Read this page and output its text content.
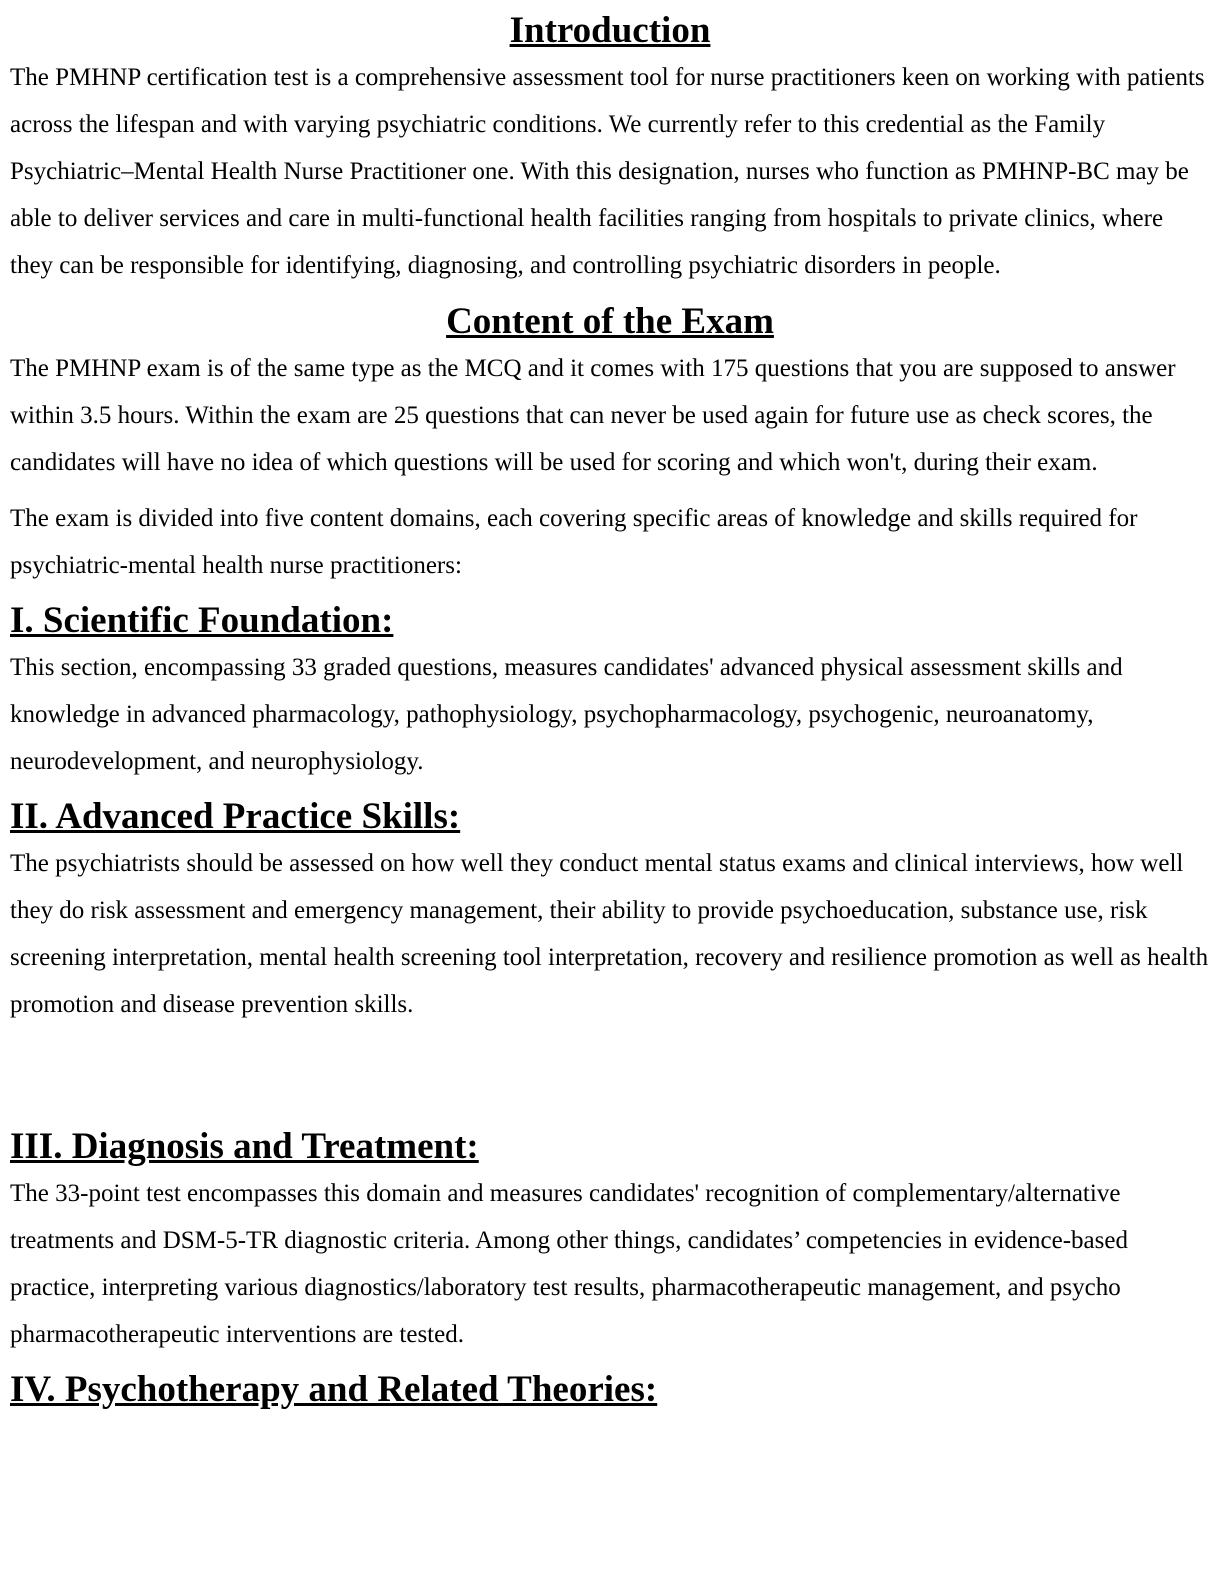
Introduction

The PMHNP certification test is a comprehensive assessment tool for nurse practitioners keen on working with patients across the lifespan and with varying psychiatric conditions. We currently refer to this credential as the Family Psychiatric–Mental Health Nurse Practitioner one. With this designation, nurses who function as PMHNP-BC may be able to deliver services and care in multi-functional health facilities ranging from hospitals to private clinics, where they can be responsible for identifying, diagnosing, and controlling psychiatric disorders in people.

Content of the Exam

The PMHNP exam is of the same type as the MCQ and it comes with 175 questions that you are supposed to answer within 3.5 hours. Within the exam are 25 questions that can never be used again for future use as check scores, the candidates will have no idea of which questions will be used for scoring and which won't, during their exam.

The exam is divided into five content domains, each covering specific areas of knowledge and skills required for psychiatric-mental health nurse practitioners:

I. Scientific Foundation:

This section, encompassing 33 graded questions, measures candidates' advanced physical assessment skills and knowledge in advanced pharmacology, pathophysiology, psychopharmacology, psychogenic, neuroanatomy, neurodevelopment, and neurophysiology.

II. Advanced Practice Skills:

The psychiatrists should be assessed on how well they conduct mental status exams and clinical interviews, how well they do risk assessment and emergency management, their ability to provide psychoeducation, substance use, risk screening interpretation, mental health screening tool interpretation, recovery and resilience promotion as well as health promotion and disease prevention skills.

III. Diagnosis and Treatment:

The 33-point test encompasses this domain and measures candidates' recognition of complementary/alternative treatments and DSM-5-TR diagnostic criteria. Among other things, candidates’ competencies in evidence-based practice, interpreting various diagnostics/laboratory test results, pharmacotherapeutic management, and psycho pharmacotherapeutic interventions are tested.

IV. Psychotherapy and Related Theories:
